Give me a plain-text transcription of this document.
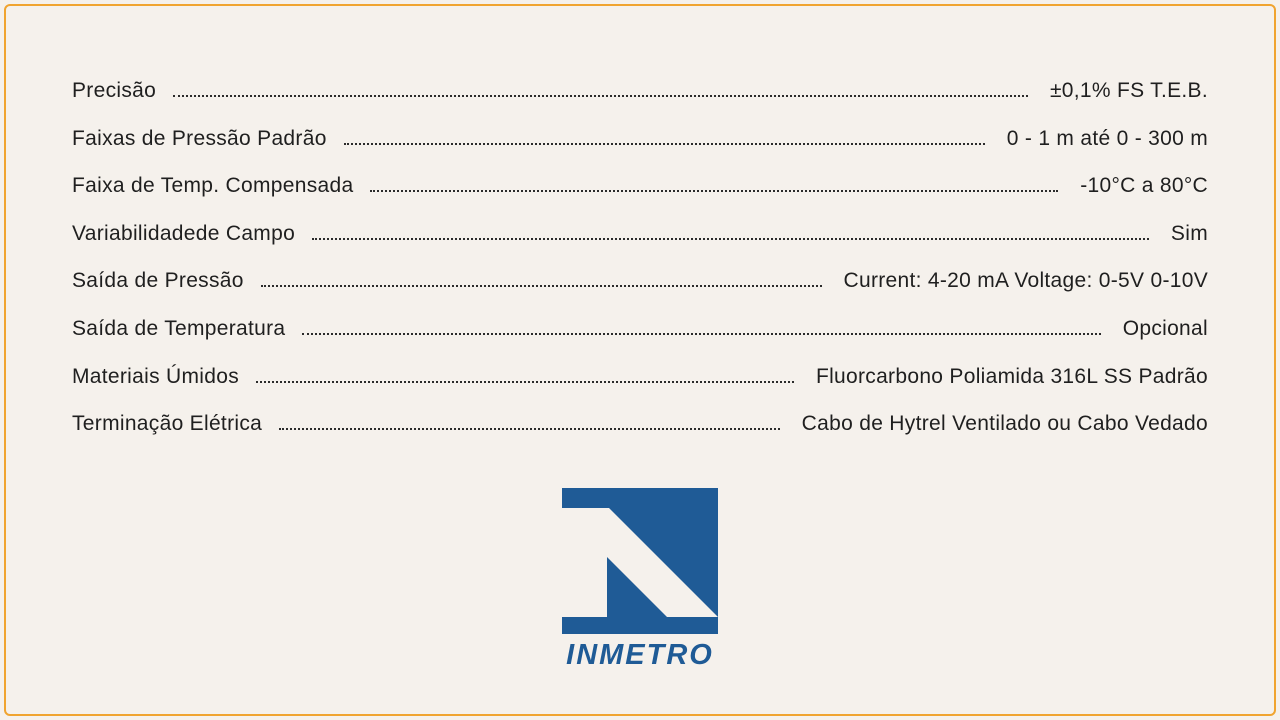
Precisão	±0,1% FS T.E.B.
Faixas de Pressão Padrão	0 - 1 m até 0 - 300 m
Faixa de Temp. Compensada	-10°C a 80°C
Variabilidadede Campo	Sim
Saída de Pressão	Current: 4-20 mA Voltage: 0-5V 0-10V
Saída de Temperatura	Opcional
Materiais Úmidos	Fluorcarbono Poliamida 316L SS Padrão
Terminação Elétrica	Cabo de Hytrel Ventilado ou Cabo Vedado
INMETRO
